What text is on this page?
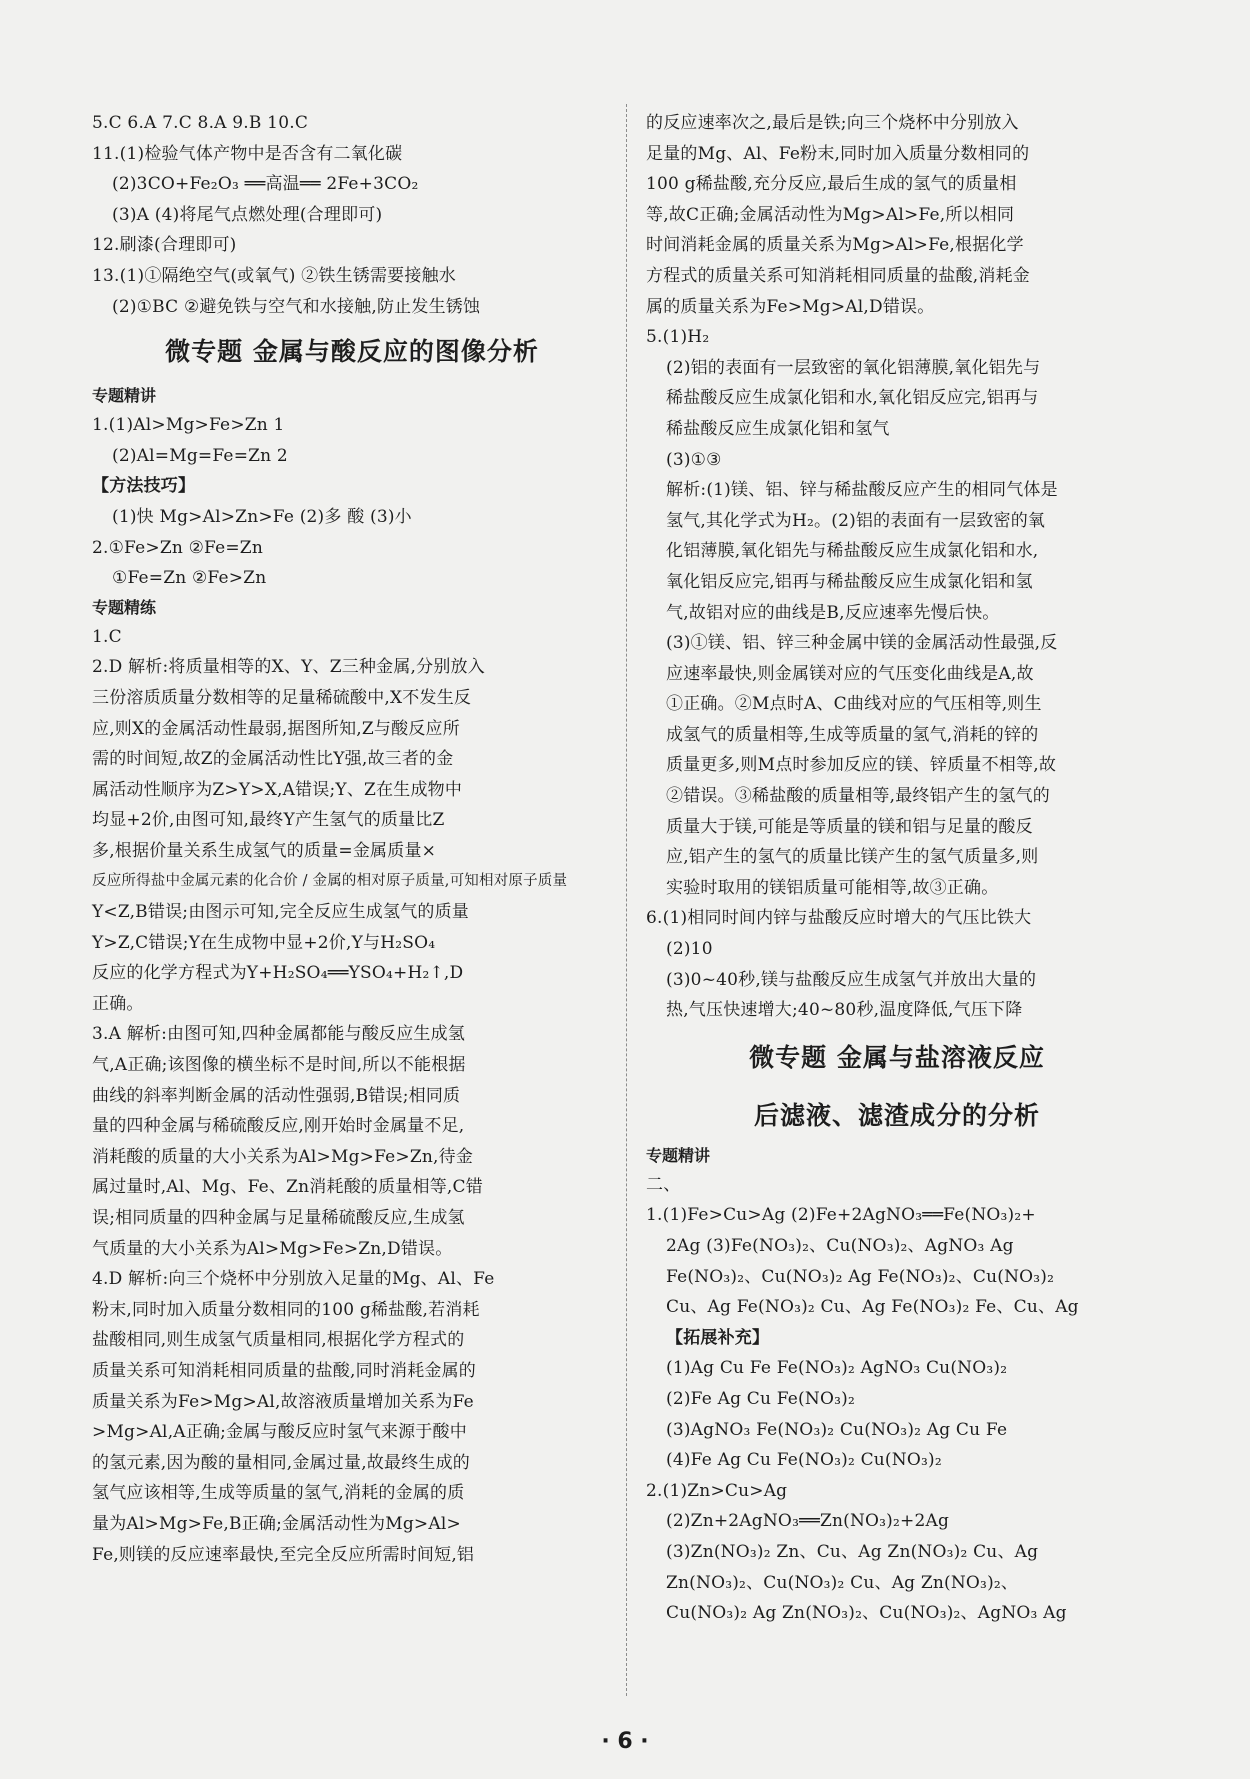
5.C 6.A 7.C 8.A 9.B 10.C
11.(1)检验气体产物中是否含有二氧化碳
(2)3CO+Fe₂O₃ ══高温══ 2Fe+3CO₂
(3)A (4)将尾气点燃处理(合理即可)
12.刷漆(合理即可)
13.(1)①隔绝空气(或氧气) ②铁生锈需要接触水
(2)①BC ②避免铁与空气和水接触,防止发生锈蚀
微专题 金属与酸反应的图像分析
专题精讲
1.(1)Al>Mg>Fe>Zn 1
(2)Al=Mg=Fe=Zn 2
【方法技巧】
(1)快 Mg>Al>Zn>Fe (2)多 酸 (3)小
2.①Fe>Zn ②Fe=Zn
①Fe=Zn ②Fe>Zn
专题精练
1.C
2.D 解析:将质量相等的X、Y、Z三种金属,分别放入
三份溶质质量分数相等的足量稀硫酸中,X不发生反
应,则X的金属活动性最弱,据图所知,Z与酸反应所
需的时间短,故Z的金属活动性比Y强,故三者的金
属活动性顺序为Z>Y>X,A错误;Y、Z在生成物中
均显+2价,由图可知,最终Y产生氢气的质量比Z
多,根据价量关系生成氢气的质量=金属质量×
反应所得盐中金属元素的化合价 / 金属的相对原子质量,可知相对原子质量
Y<Z,B错误;由图示可知,完全反应生成氢气的质量
Y>Z,C错误;Y在生成物中显+2价,Y与H₂SO₄
反应的化学方程式为Y+H₂SO₄══YSO₄+H₂↑,D
正确。
3.A 解析:由图可知,四种金属都能与酸反应生成氢
气,A正确;该图像的横坐标不是时间,所以不能根据
曲线的斜率判断金属的活动性强弱,B错误;相同质
量的四种金属与稀硫酸反应,刚开始时金属量不足,
消耗酸的质量的大小关系为Al>Mg>Fe>Zn,待金
属过量时,Al、Mg、Fe、Zn消耗酸的质量相等,C错
误;相同质量的四种金属与足量稀硫酸反应,生成氢
气质量的大小关系为Al>Mg>Fe>Zn,D错误。
4.D 解析:向三个烧杯中分别放入足量的Mg、Al、Fe
粉末,同时加入质量分数相同的100 g稀盐酸,若消耗
盐酸相同,则生成氢气质量相同,根据化学方程式的
质量关系可知消耗相同质量的盐酸,同时消耗金属的
质量关系为Fe>Mg>Al,故溶液质量增加关系为Fe
>Mg>Al,A正确;金属与酸反应时氢气来源于酸中
的氢元素,因为酸的量相同,金属过量,故最终生成的
氢气应该相等,生成等质量的氢气,消耗的金属的质
量为Al>Mg>Fe,B正确;金属活动性为Mg>Al>
Fe,则镁的反应速率最快,至完全反应所需时间短,铝
的反应速率次之,最后是铁;向三个烧杯中分别放入
足量的Mg、Al、Fe粉末,同时加入质量分数相同的
100 g稀盐酸,充分反应,最后生成的氢气的质量相
等,故C正确;金属活动性为Mg>Al>Fe,所以相同
时间消耗金属的质量关系为Mg>Al>Fe,根据化学
方程式的质量关系可知消耗相同质量的盐酸,消耗金
属的质量关系为Fe>Mg>Al,D错误。
5.(1)H₂
(2)铝的表面有一层致密的氧化铝薄膜,氧化铝先与
稀盐酸反应生成氯化铝和水,氧化铝反应完,铝再与
稀盐酸反应生成氯化铝和氢气
(3)①③
解析:(1)镁、铝、锌与稀盐酸反应产生的相同气体是
氢气,其化学式为H₂。(2)铝的表面有一层致密的氧
化铝薄膜,氧化铝先与稀盐酸反应生成氯化铝和水,
氧化铝反应完,铝再与稀盐酸反应生成氯化铝和氢
气,故铝对应的曲线是B,反应速率先慢后快。
(3)①镁、铝、锌三种金属中镁的金属活动性最强,反
应速率最快,则金属镁对应的气压变化曲线是A,故
①正确。②M点时A、C曲线对应的气压相等,则生
成氢气的质量相等,生成等质量的氢气,消耗的锌的
质量更多,则M点时参加反应的镁、锌质量不相等,故
②错误。③稀盐酸的质量相等,最终铝产生的氢气的
质量大于镁,可能是等质量的镁和铝与足量的酸反
应,铝产生的氢气的质量比镁产生的氢气质量多,则
实验时取用的镁铝质量可能相等,故③正确。
6.(1)相同时间内锌与盐酸反应时增大的气压比铁大
(2)10
(3)0~40秒,镁与盐酸反应生成氢气并放出大量的
热,气压快速增大;40~80秒,温度降低,气压下降
微专题 金属与盐溶液反应
后滤液、滤渣成分的分析
专题精讲
二、
1.(1)Fe>Cu>Ag (2)Fe+2AgNO₃══Fe(NO₃)₂+
2Ag (3)Fe(NO₃)₂、Cu(NO₃)₂、AgNO₃ Ag
Fe(NO₃)₂、Cu(NO₃)₂ Ag Fe(NO₃)₂、Cu(NO₃)₂
Cu、Ag Fe(NO₃)₂ Cu、Ag Fe(NO₃)₂ Fe、Cu、Ag
【拓展补充】
(1)Ag Cu Fe Fe(NO₃)₂ AgNO₃ Cu(NO₃)₂
(2)Fe Ag Cu Fe(NO₃)₂
(3)AgNO₃ Fe(NO₃)₂ Cu(NO₃)₂ Ag Cu Fe
(4)Fe Ag Cu Fe(NO₃)₂ Cu(NO₃)₂
2.(1)Zn>Cu>Ag
(2)Zn+2AgNO₃══Zn(NO₃)₂+2Ag
(3)Zn(NO₃)₂ Zn、Cu、Ag Zn(NO₃)₂ Cu、Ag
Zn(NO₃)₂、Cu(NO₃)₂ Cu、Ag Zn(NO₃)₂、
Cu(NO₃)₂ Ag Zn(NO₃)₂、Cu(NO₃)₂、AgNO₃ Ag
· 6 ·
